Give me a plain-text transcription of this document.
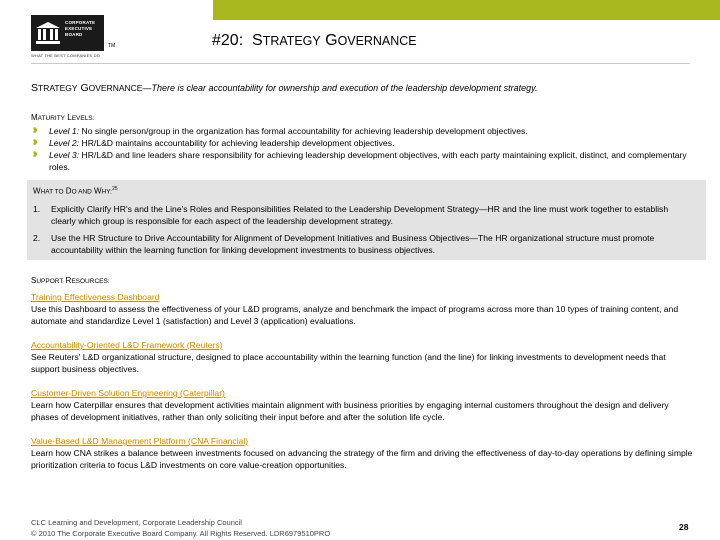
CORPORATE
EXECUTIVE
BOARD
WHAT THE BEST COMPANIES DO
TM	#20: STRATEGY GOVERNANCE
STRATEGY GOVERNANCE—There is clear accountability for ownership and execution of the leadership development strategy.
MATURITY LEVELS:
❥ Level 1: No single person/group in the organization has formal accountability for achieving leadership development objectives.
❥ Level 2: HR/L&D maintains accountability for achieving leadership development objectives.
❥ Level 3: HR/L&D and line leaders share responsibility for achieving leadership development objectives, with each party maintaining explicit, distinct, and complementary roles.
WHAT TO DO AND WHY:$^{25}$
1. Explicitly Clarify HR's and the Line's Roles and Responsibilities Related to the Leadership Development Strategy—HR and the line must work together to establish clearly which group is responsible for each aspect of the leadership development strategy.
2. Use the HR Structure to Drive Accountability for Alignment of Development Initiatives and Business Objectives—The HR organizational structure must promote accountability within the learning function for linking development investments to business objectives.
SUPPORT RESOURCES:
Training Effectiveness Dashboard
Use this Dashboard to assess the effectiveness of your L&D programs, analyze and benchmark the impact of programs across more than 10 types of training content, and automate and standardize Level 1 (satisfaction) and Level 3 (application) evaluations.
Accountability-Oriented L&D Framework (Reuters)
See Reuters' L&D organizational structure, designed to place accountability within the learning function (and the line) for linking investments to development needs that support business objectives.
Customer-Driven Solution Engineering (Caterpillar)
Learn how Caterpillar ensures that development activities maintain alignment with business priorities by engaging internal customers throughout the design and delivery phases of development initiatives, rather than only soliciting their input before and after the solution life cycle.
Value-Based L&D Management Platform (CNA Financial)
Learn how CNA strikes a balance between investments focused on advancing the strategy of the firm and driving the effectiveness of day-to-day operations by defining simple prioritization criteria to focus L&D investments on core value-creation opportunities.
CLC Learning and Development, Corporate Leadership Council
© 2010 The Corporate Executive Board Company. All Rights Reserved. LDR6979510PRO
28
